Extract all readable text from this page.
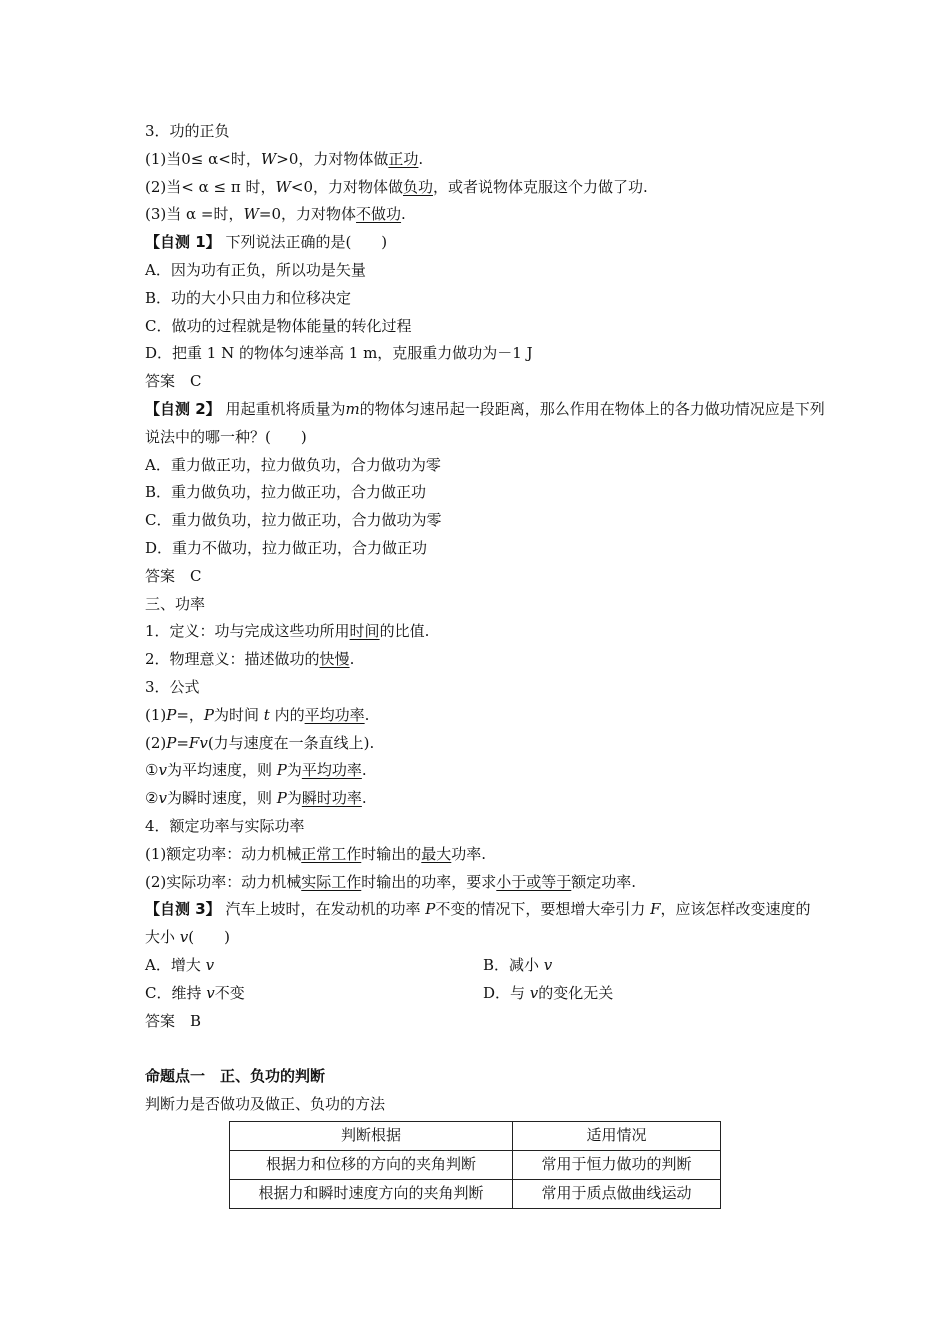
3．功的正负
(1)当0≤ α<时，W>0，力对物体做正功.
(2)当< α ≤ π 时，W<0，力对物体做负功，或者说物体克服这个力做了功.
(3)当 α =时，W=0，力对物体不做功.
【自测 1】 下列说法正确的是(　　)
A．因为功有正负，所以功是矢量
B．功的大小只由力和位移决定
C．做功的过程就是物体能量的转化过程
D．把重 1 N 的物体匀速举高 1 m，克服重力做功为－1 J
答案　C
【自测 2】 用起重机将质量为m的物体匀速吊起一段距离，那么作用在物体上的各力做功情况应是下列说法中的哪一种？(　　)
A．重力做正功，拉力做负功，合力做功为零
B．重力做负功，拉力做正功，合力做正功
C．重力做负功，拉力做正功，合力做功为零
D．重力不做功，拉力做正功，合力做正功
答案　C
三、功率
1．定义：功与完成这些功所用时间的比值.
2．物理意义：描述做功的快慢.
3．公式
(1)P=，P为时间 t 内的平均功率.
(2)P=Fv(力与速度在一条直线上).
①v为平均速度，则 P为平均功率.
②v为瞬时速度，则 P为瞬时功率.
4．额定功率与实际功率
(1)额定功率：动力机械正常工作时输出的最大功率.
(2)实际功率：动力机械实际工作时输出的功率，要求小于或等于额定功率.
【自测 3】 汽车上坡时，在发动机的功率 P不变的情况下，要想增大牵引力 F，应该怎样改变速度的大小 v(　　)
A．增大 v	B．减小 v
C．维持 v不变	D．与 v的变化无关
答案　B
命题点一　正、负功的判断
判断力是否做功及做正、负功的方法
判断根据	适用情况
根据力和位移的方向的夹角判断	常用于恒力做功的判断
根据力和瞬时速度方向的夹角判断	常用于质点做曲线运动
